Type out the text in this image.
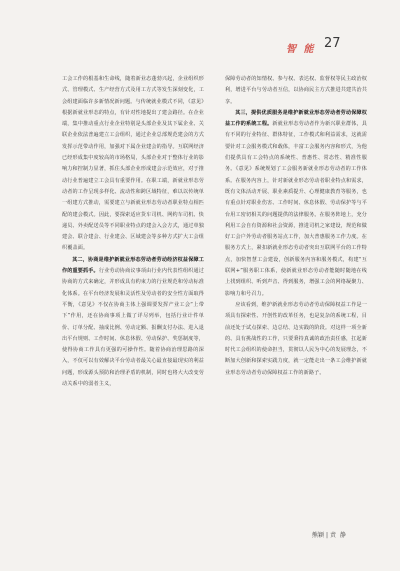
智 能 27

工会工作的根基和生命线，随着新业态蓬勃兴起，企业组织形式、管理模式、生产经营方式及用工方式等发生深刻变化，工会组建面临许多新情况新问题。与传统就业模式不同，《意见》根据新就业形态的特点，有针对性地提出了建会路径。在企业端，集中推动重点行业企业特别是头部企业及其下属企业、关联企业依法普遍建立工会组织，通过企业总部规范建会的方式发挥示范带动作用，加强对下属企业建会的指导。互联网经济已经形成集中度较高的市场格局，头部企业对于整体行业的影响力和控制力显著，抓住头部企业形成建会示范效应，对于推动行业普遍建立工会具有重要作用。在职工端，新就业形态劳动者的工作呈现多样化、流动性和跨区域特征，难以以传统单一组建方式推动，需要建立与新就业形态劳动者职业特点相匹配的建会模式。因此，要探索适应货车司机、网约车司机、快递员、外卖配送员等不同职业特点的建会入会方式，通过单独建会、联合建会、行业建会、区域建会等多种方式扩大工会组织覆盖面。

其二，协商是维护新就业形态劳动者劳动经济权益保障工作的重要抓手。行业劳动协商议事项由行业内代表性组织通过协商的方式来确定，并形成具有约束力的行业规范和劳动标准化体系。在平台经济发展和灵活性及劳动者的安全性方面取得平衡，《意见》不仅在协商主体上强调要发挥产业工会“上带下”作用，还在协商事项上做了详尽列举，包括行业计件单价、订单分配、抽成比例、劳动定额、报酬支付办法、进入退出平台规则、工作时间、休息休假、劳动保护、奖惩制度等，使得协商工作具有更强的可操作性。随着协商治理思路的深入，不仅可以有效解决平台劳动者最关心最直接最现实的利益问题，形成源头预防和治理矛盾的机制，同时也将大大改变劳动关系中的弱者主义，

保障劳动者的知情权、参与权、表达权、监督权等民主政治权利，增进平台与劳动者互信，以协商民主方式推进共建共治共享。

其三，提供优质服务是维护新就业形态劳动者劳动保障权益工作的系统工程。新就业形态劳动者作为新兴职业群体，具有不同的行业特征、群体特征，工作模式和利益需求，这就需要针对工会服务模式和载体，丰富工会服务内容和形式，为他们提供具有工会特点的系统性、普惠性、常态性、精准性服务。《意见》系统规划了工会服务新就业形态劳动者的工作体系。在服务内容上，针对新就业形态劳动者职业特点和需求，既有文体活动开展、职业素质提升、心理健康教育等服务，也有重点针对职业伤害、工作时间、休息休假、劳动保护等与平台用工密切相关的问题提供的法律服务。在服务阵地上，充分利用工会自有资源和社会资源，推进司机之家建设，规范和做好工会户外劳动者服务站点工作，加大普惠服务工作力度。在服务方式上，紧扣新就业形态劳动者突出互联网平台的工作特点，加快智慧工会建设，创新服务内容和服务模式，构建“互联网+”服务职工体系，使新就业形态劳动者能随时随地在线上找到组织、听到声音、得到服务，增强工会的网络凝聚力、影响力和号召力。

应该看到，维护新就业形态劳动者劳动保障权益工作是一项具有探索性、开创性的改革任务，也是复杂的系统工程，目前还处于试点探索、边总结、边实践的阶段。对这样一项全新的、具有挑战性的工作，只要秉持真诚的政治责任感，扛起新时代工会组织的使命担当，贯彻以人民为中心的发展理念，不断加大创新和探索实践力度，就一定能走出一条工会维护新就业形态劳动者劳动保障权益工作的新路子。

熊颖 | 责 静
